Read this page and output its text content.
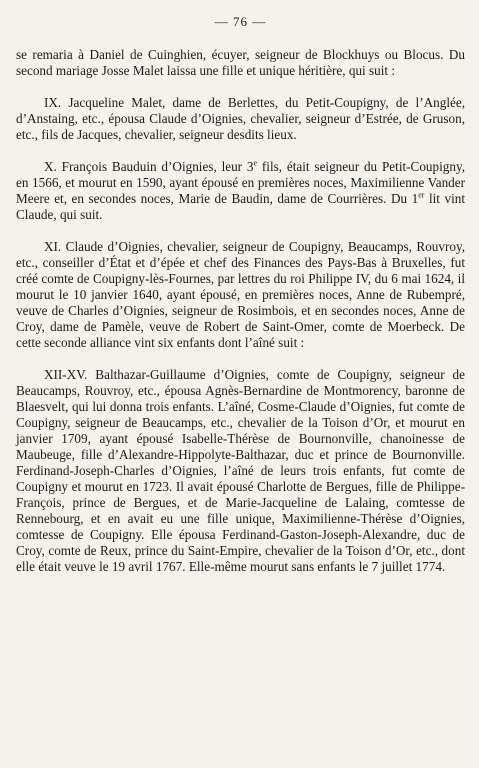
— 76 —

se remaria à Daniel de Cuinghien, écuyer, seigneur de Blockhuys ou Blocus. Du second mariage Josse Malet laissa une fille et unique héritière, qui suit :

IX. Jacqueline Malet, dame de Berlettes, du Petit-Coupigny, de l’Anglée, d’Anstaing, etc., épousa Claude d’Oignies, chevalier, seigneur d’Estrée, de Gruson, etc., fils de Jacques, chevalier, seigneur desdits lieux.

X. François Bauduin d’Oignies, leur 3e fils, était seigneur du Petit-Coupigny, en 1566, et mourut en 1590, ayant épousé en premières noces, Maximilienne Vander Meere et, en secondes noces, Marie de Baudin, dame de Courrières. Du 1er lit vint Claude, qui suit.

XI. Claude d’Oignies, chevalier, seigneur de Coupigny, Beaucamps, Rouvroy, etc., conseiller d’État et d’épée et chef des Finances des Pays-Bas à Bruxelles, fut créé comte de Coupigny-lès-Fournes, par lettres du roi Philippe IV, du 6 mai 1624, il mourut le 10 janvier 1640, ayant épousé, en premières noces, Anne de Rubempré, veuve de Charles d’Oignies, seigneur de Rosimbois, et en secondes noces, Anne de Croy, dame de Pamèle, veuve de Robert de Saint-Omer, comte de Moerbeck. De cette seconde alliance vint six enfants dont l’aîné suit :

XII-XV. Balthazar-Guillaume d’Oignies, comte de Coupigny, seigneur de Beaucamps, Rouvroy, etc., épousa Agnès-Bernardine de Montmorency, baronne de Blaesvelt, qui lui donna trois enfants. L’aîné, Cosme-Claude d’Oignies, fut comte de Coupigny, seigneur de Beaucamps, etc., chevalier de la Toison d’Or, et mourut en janvier 1709, ayant épousé Isabelle-Thérèse de Bournonville, chanoinesse de Maubeuge, fille d’Alexandre-Hippolyte-Balthazar, duc et prince de Bournonville. Ferdinand-Joseph-Charles d’Oignies, l’aîné de leurs trois enfants, fut comte de Coupigny et mourut en 1723. Il avait épousé Charlotte de Bergues, fille de Philippe-François, prince de Bergues, et de Marie-Jacqueline de Lalaing, comtesse de Rennebourg, et en avait eu une fille unique, Maximilienne-Thérèse d’Oignies, comtesse de Coupigny. Elle épousa Ferdinand-Gaston-Joseph-Alexandre, duc de Croy, comte de Reux, prince du Saint-Empire, chevalier de la Toison d’Or, etc., dont elle était veuve le 19 avril 1767. Elle-même mourut sans enfants le 7 juillet 1774.
